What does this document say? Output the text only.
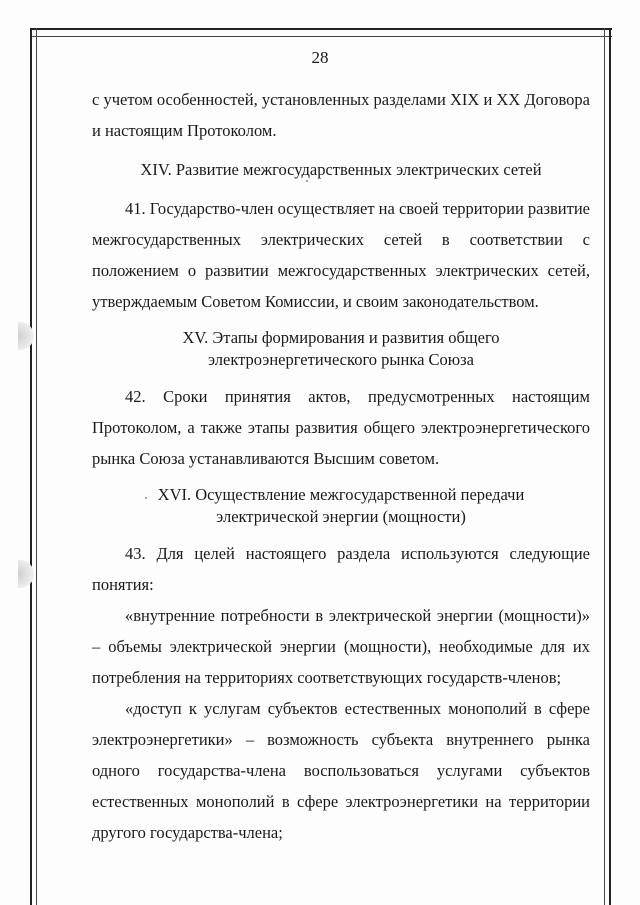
28

с учетом особенностей, установленных разделами XIX и XX Договора и настоящим Протоколом.

XIV. Развитие межгосударственных электрических сетей

41. Государство-член осуществляет на своей территории развитие межгосударственных электрических сетей в соответствии с положением о развитии межгосударственных электрических сетей, утверждаемым Советом Комиссии, и своим законодательством.

XV. Этапы формирования и развития общего
электроэнергетического рынка Союза

42. Сроки принятия актов, предусмотренных настоящим Протоколом, а также этапы развития общего электроэнергетического рынка Союза устанавливаются Высшим советом.

XVI. Осуществление межгосударственной передачи
электрической энергии (мощности)

43. Для целей настоящего раздела используются следующие понятия:

«внутренние потребности в электрической энергии (мощности)» – объемы электрической энергии (мощности), необходимые для их потребления на территориях соответствующих государств-членов;

«доступ к услугам субъектов естественных монополий в сфере электроэнергетики» – возможность субъекта внутреннего рынка одного государства-члена воспользоваться услугами субъектов естественных монополий в сфере электроэнергетики на территории другого государства-члена;
